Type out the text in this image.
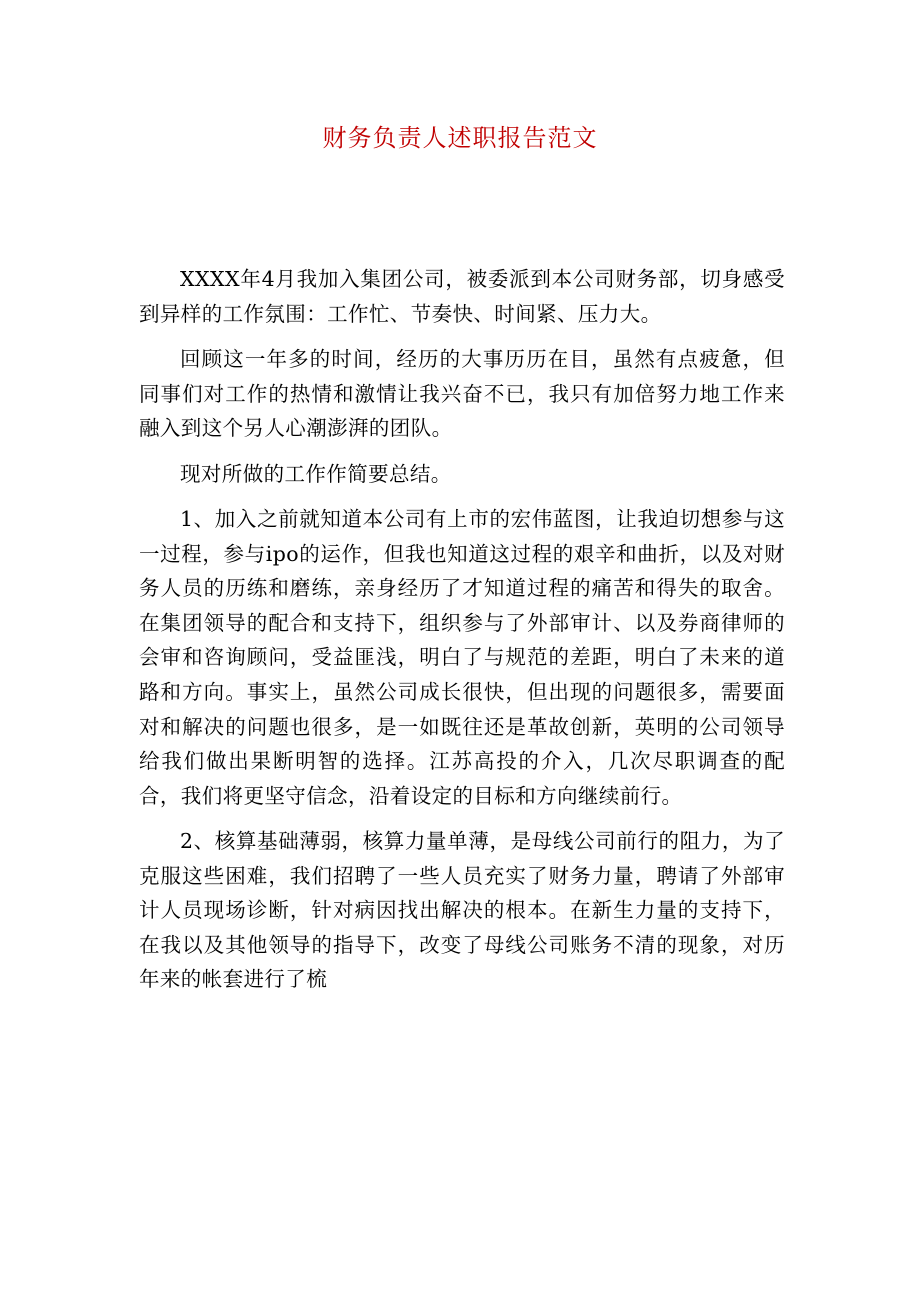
财务负责人述职报告范文

XXXX年4月我加入集团公司，被委派到本公司财务部，切身感受到异样的工作氛围：工作忙、节奏快、时间紧、压力大。

回顾这一年多的时间，经历的大事历历在目，虽然有点疲惫，但同事们对工作的热情和激情让我兴奋不已，我只有加倍努力地工作来融入到这个另人心潮澎湃的团队。

现对所做的工作作简要总结。

1、加入之前就知道本公司有上市的宏伟蓝图，让我迫切想参与这一过程，参与ipo的运作，但我也知道这过程的艰辛和曲折，以及对财务人员的历练和磨练，亲身经历了才知道过程的痛苦和得失的取舍。在集团领导的配合和支持下，组织参与了外部审计、以及券商律师的会审和咨询顾问，受益匪浅，明白了与规范的差距，明白了未来的道路和方向。事实上，虽然公司成长很快，但出现的问题很多，需要面对和解决的问题也很多，是一如既往还是革故创新，英明的公司领导给我们做出果断明智的选择。江苏高投的介入，几次尽职调查的配合，我们将更坚守信念，沿着设定的目标和方向继续前行。

2、核算基础薄弱，核算力量单薄，是母线公司前行的阻力，为了克服这些困难，我们招聘了一些人员充实了财务力量，聘请了外部审计人员现场诊断，针对病因找出解决的根本。在新生力量的支持下，在我以及其他领导的指导下，改变了母线公司账务不清的现象，对历年来的帐套进行了梳
